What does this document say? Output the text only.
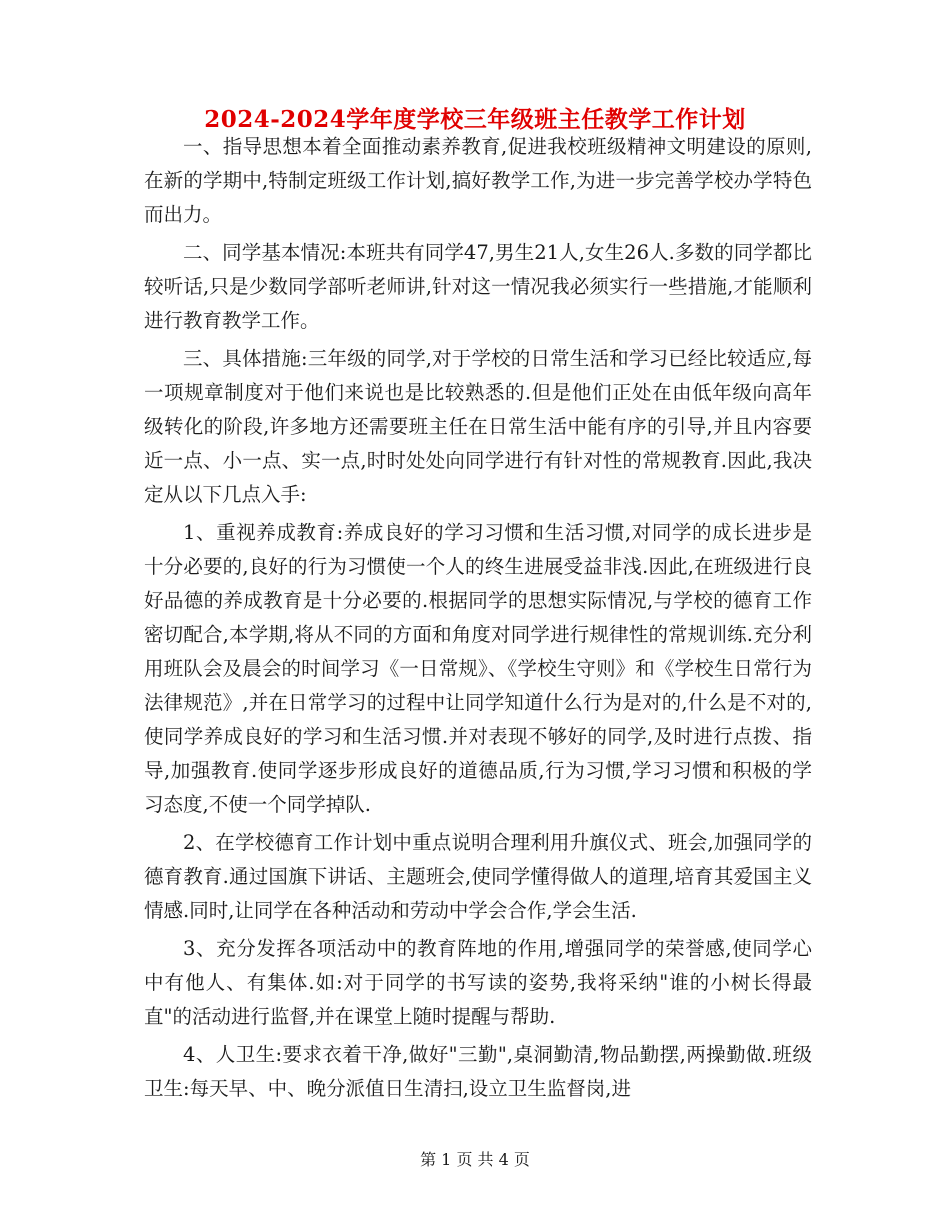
2024-2024学年度学校三年级班主任教学工作计划

一、指导思想本着全面推动素养教育,促进我校班级精神文明建设的原则,在新的学期中,特制定班级工作计划,搞好教学工作,为进一步完善学校办学特色而出力。

二、同学基本情况:本班共有同学47,男生21人,女生26人.多数的同学都比较听话,只是少数同学部听老师讲,针对这一情况我必须实行一些措施,才能顺利进行教育教学工作。

三、具体措施:三年级的同学,对于学校的日常生活和学习已经比较适应,每一项规章制度对于他们来说也是比较熟悉的.但是他们正处在由低年级向高年级转化的阶段,许多地方还需要班主任在日常生活中能有序的引导,并且内容要近一点、小一点、实一点,时时处处向同学进行有针对性的常规教育.因此,我决定从以下几点入手:

1、重视养成教育:养成良好的学习习惯和生活习惯,对同学的成长进步是十分必要的,良好的行为习惯使一个人的终生进展受益非浅.因此,在班级进行良好品德的养成教育是十分必要的.根据同学的思想实际情况,与学校的德育工作密切配合,本学期,将从不同的方面和角度对同学进行规律性的常规训练.充分利用班队会及晨会的时间学习《一日常规》、《学校生守则》和《学校生日常行为法律规范》,并在日常学习的过程中让同学知道什么行为是对的,什么是不对的,使同学养成良好的学习和生活习惯.并对表现不够好的同学,及时进行点拨、指导,加强教育.使同学逐步形成良好的道德品质,行为习惯,学习习惯和积极的学习态度,不使一个同学掉队.

2、在学校德育工作计划中重点说明合理利用升旗仪式、班会,加强同学的德育教育.通过国旗下讲话、主题班会,使同学懂得做人的道理,培育其爱国主义情感.同时,让同学在各种活动和劳动中学会合作,学会生活.

3、充分发挥各项活动中的教育阵地的作用,增强同学的荣誉感,使同学心中有他人、有集体.如:对于同学的书写读的姿势,我将采纳"谁的小树长得最直"的活动进行监督,并在课堂上随时提醒与帮助.

4、人卫生:要求衣着干净,做好"三勤",桌洞勤清,物品勤摆,两操勤做.班级卫生:每天早、中、晚分派值日生清扫,设立卫生监督岗,进

第 1 页 共 4 页
